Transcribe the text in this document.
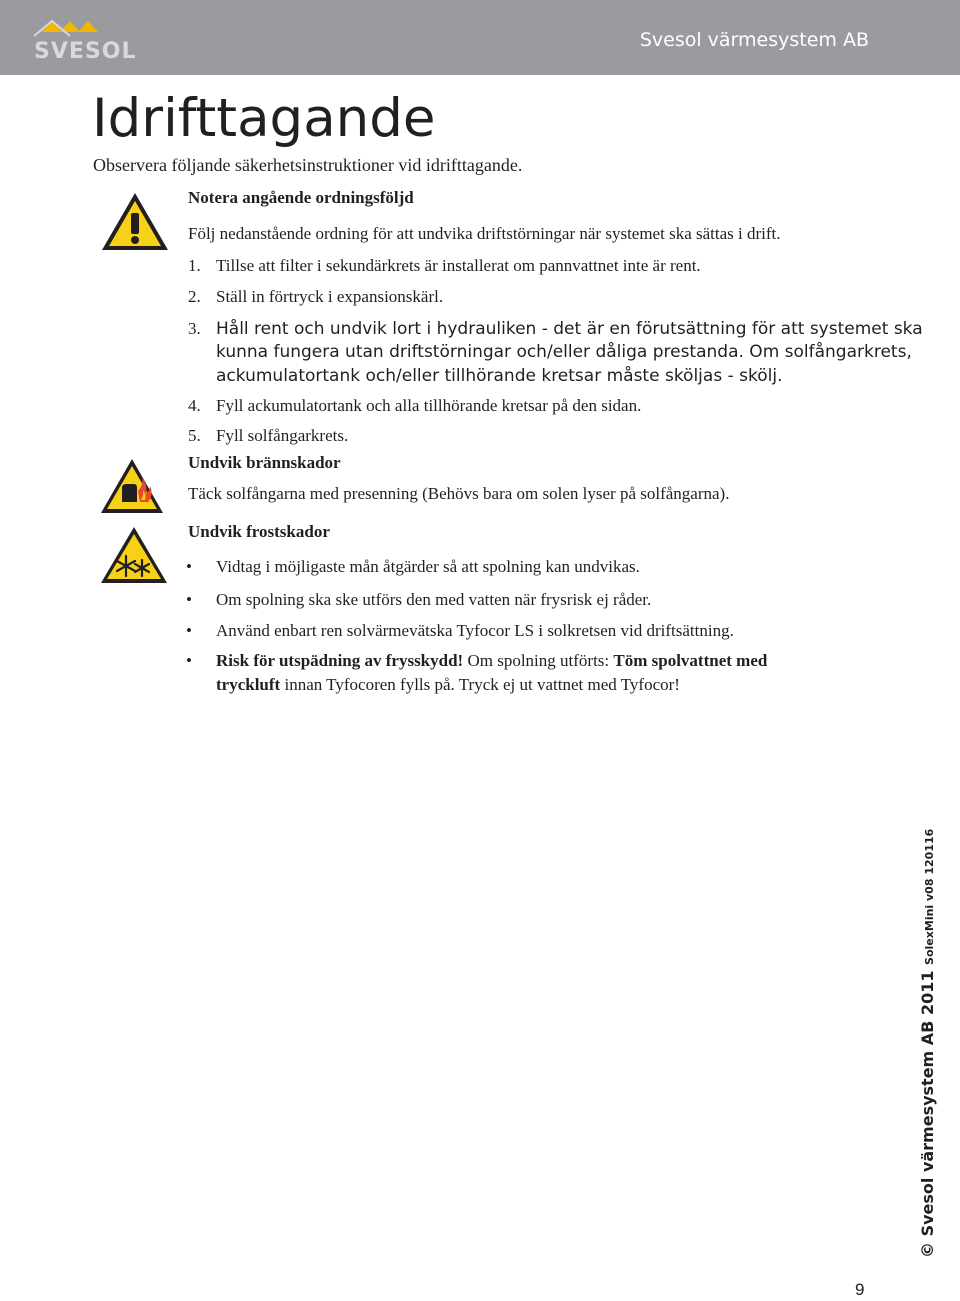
SVESOL	Svesol värmesystem AB
Idrifttagande
Observera följande säkerhetsinstruktioner vid idrifttagande.
Notera angående ordningsföljd
Följ nedanstående ordning för att undvika driftstörningar när systemet ska sättas i drift.
1. Tillse att filter i sekundärkrets är installerat om pannvattnet inte är rent.
2. Ställ in förtryck i expansionskärl.
3. Håll rent och undvik lort i hydrauliken - det är en förutsättning för att systemet ska
kunna fungera utan driftstörningar och/eller dåliga prestanda. Om solfångarkrets,
ackumulatortank och/eller tillhörande kretsar måste sköljas - skölj.
4. Fyll ackumulatortank och alla tillhörande kretsar på den sidan.
5. Fyll solfångarkrets.
Undvik brännskador
Täck solfångarna med presenning (Behövs bara om solen lyser på solfångarna).
Undvik frostskador
• Vidtag i möjligaste mån åtgärder så att spolning kan undvikas.
• Om spolning ska ske utförs den med vatten när frysrisk ej råder.
• Använd enbart ren solvärmevätska Tyfocor LS i solkretsen vid driftsättning.
• Risk för utspädning av frysskydd! Om spolning utförts: Töm spolvattnet med
tryckluft innan Tyfocoren fylls på. Tryck ej ut vattnet med Tyfocor!
© Svesol värmesystem AB 2011 SolexMini v08 120116
9
